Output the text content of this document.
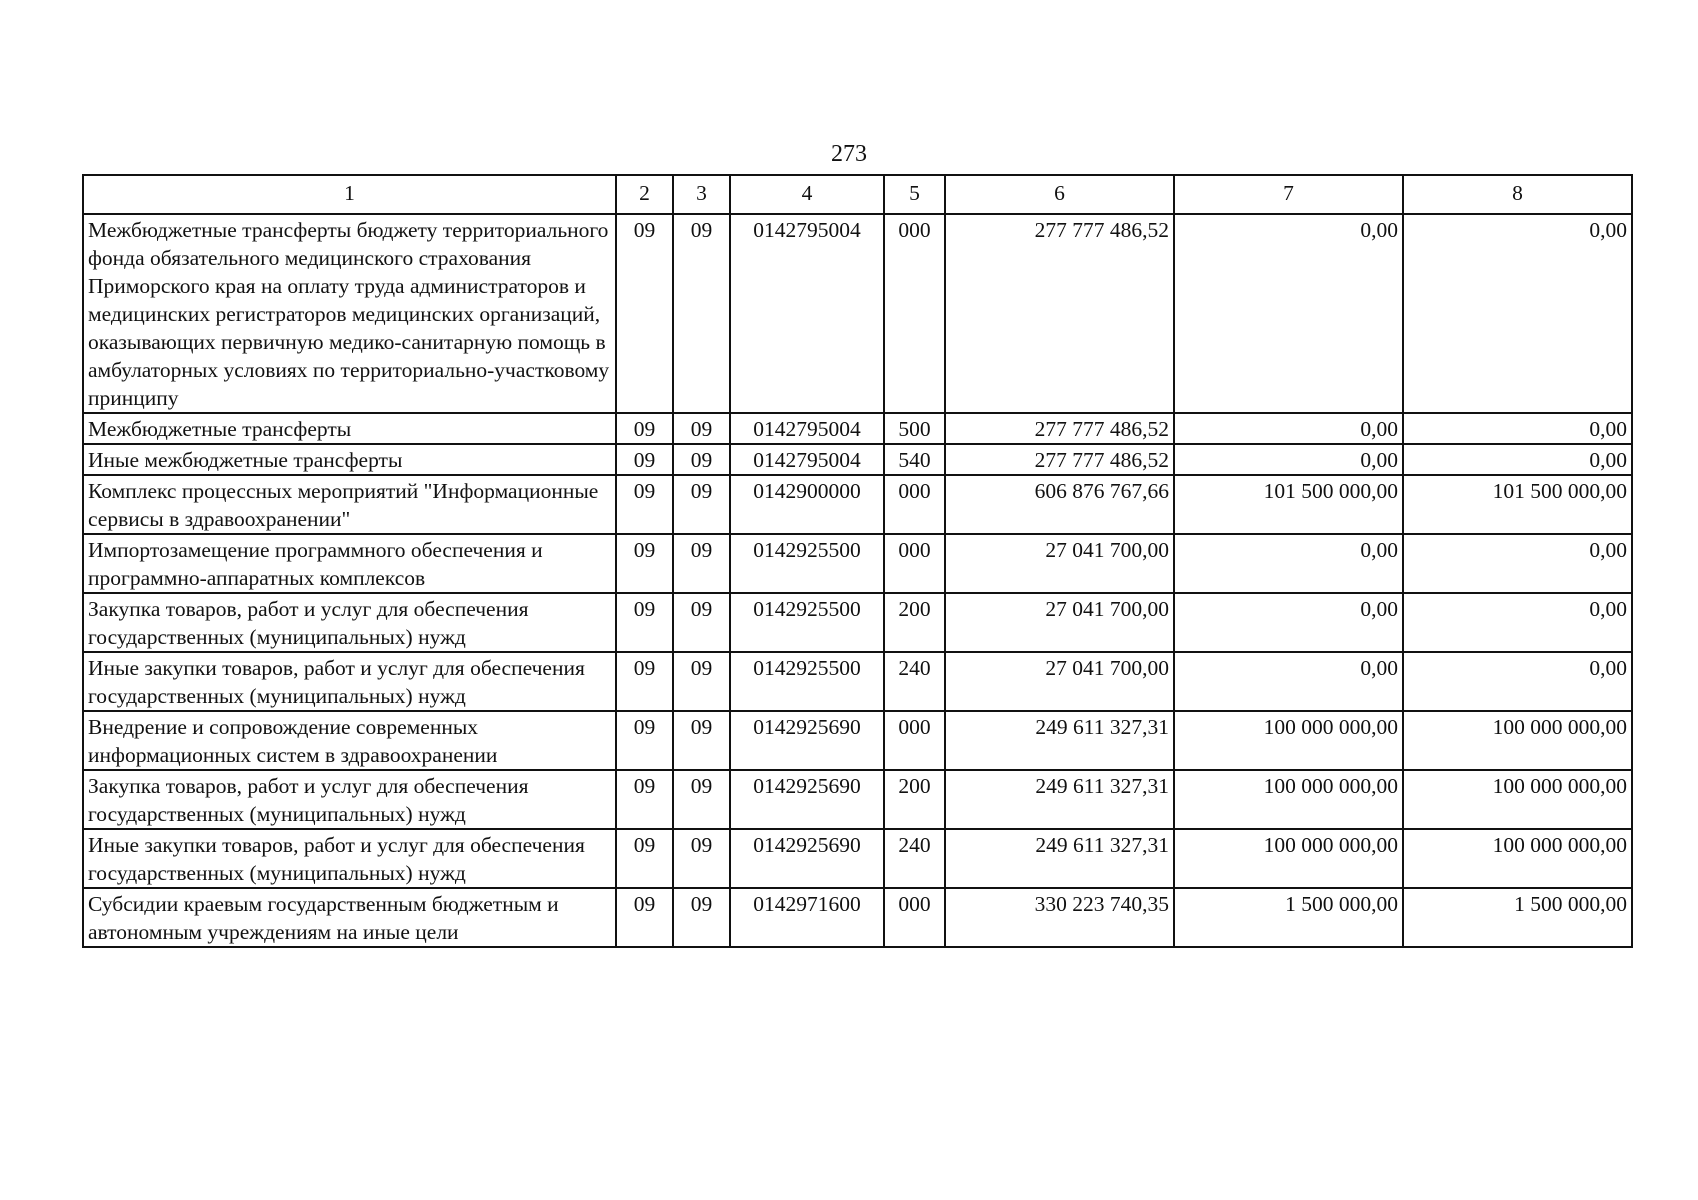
273
1	2	3	4	5	6	7	8
Межбюджетные трансферты бюджету территориального фонда обязательного медицинского страхования Приморского края на оплату труда администраторов и медицинских регистраторов медицинских организаций, оказывающих первичную медико-санитарную помощь в амбулаторных условиях по территориально-участковому принципу	09	09	0142795004	000	277 777 486,52	0,00	0,00
Межбюджетные трансферты	09	09	0142795004	500	277 777 486,52	0,00	0,00
Иные межбюджетные трансферты	09	09	0142795004	540	277 777 486,52	0,00	0,00
Комплекс процессных мероприятий "Информационные сервисы в здравоохранении"	09	09	0142900000	000	606 876 767,66	101 500 000,00	101 500 000,00
Импортозамещение программного обеспечения и программно-аппаратных комплексов	09	09	0142925500	000	27 041 700,00	0,00	0,00
Закупка товаров, работ и услуг для обеспечения государственных (муниципальных) нужд	09	09	0142925500	200	27 041 700,00	0,00	0,00
Иные закупки товаров, работ и услуг для обеспечения государственных (муниципальных) нужд	09	09	0142925500	240	27 041 700,00	0,00	0,00
Внедрение и сопровождение современных информационных систем в здравоохранении	09	09	0142925690	000	249 611 327,31	100 000 000,00	100 000 000,00
Закупка товаров, работ и услуг для обеспечения государственных (муниципальных) нужд	09	09	0142925690	200	249 611 327,31	100 000 000,00	100 000 000,00
Иные закупки товаров, работ и услуг для обеспечения государственных (муниципальных) нужд	09	09	0142925690	240	249 611 327,31	100 000 000,00	100 000 000,00
Субсидии краевым государственным бюджетным и автономным учреждениям на иные цели	09	09	0142971600	000	330 223 740,35	1 500 000,00	1 500 000,00
